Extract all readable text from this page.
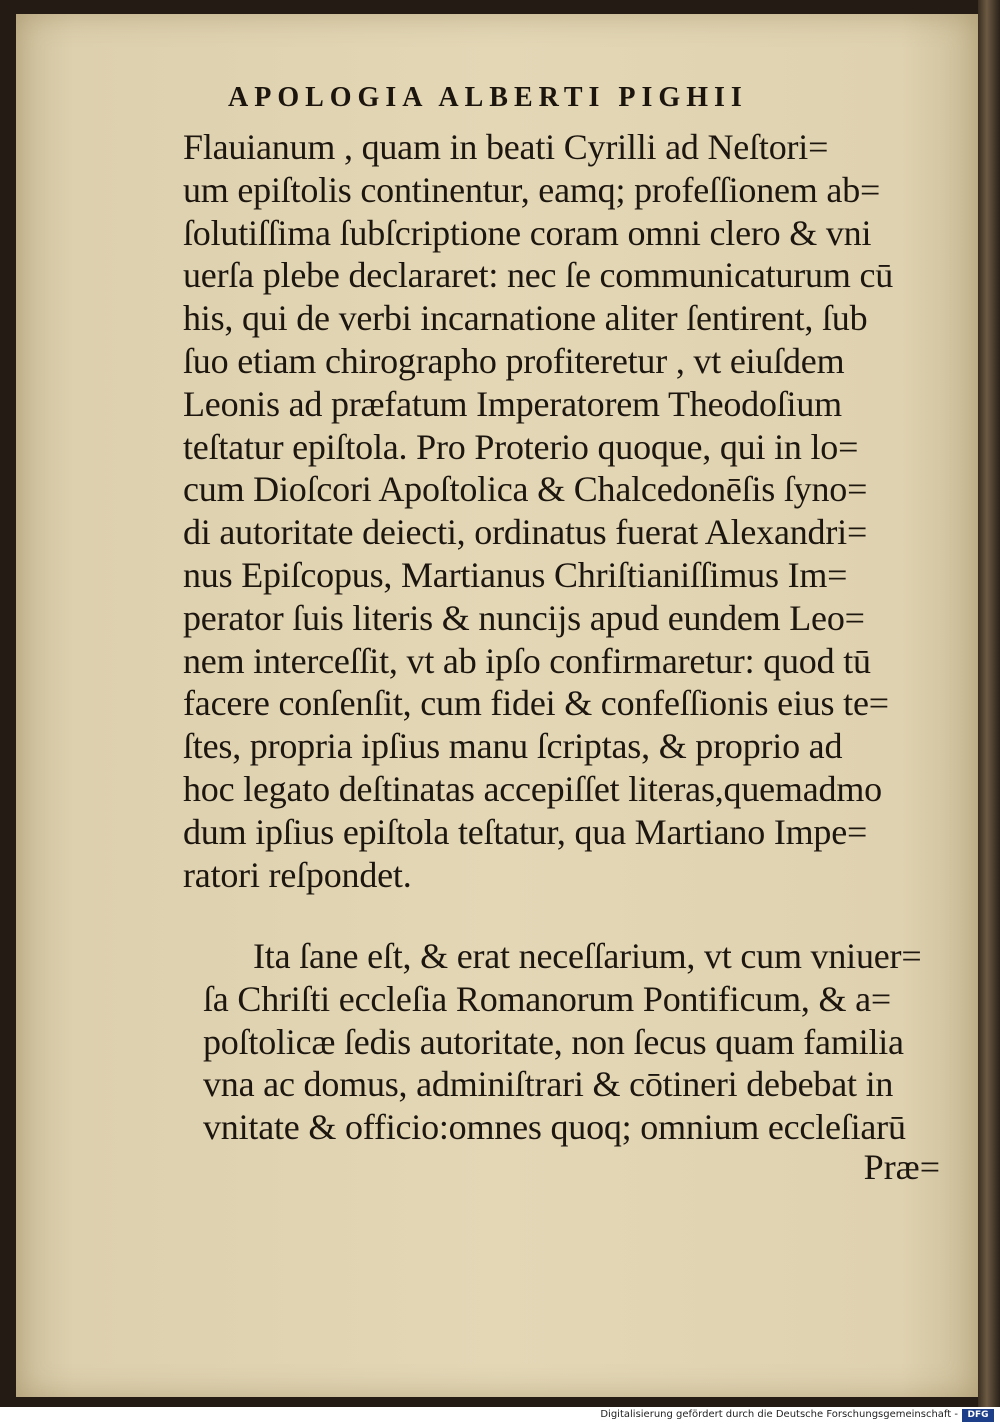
APOLOGIA ALBERTI PIGHII
Flauianum , quam in beati Cyrilli ad Neſtori=
um epiſtolis continentur, eamq; profeſſionem ab=
ſolutiſſima ſubſcriptione coram omni clero & vni
uerſa plebe declararet: nec ſe communicaturum cū
his, qui de verbi incarnatione aliter ſentirent, ſub
ſuo etiam chirographo profiteretur , vt eiuſdem
Leonis ad præfatum Imperatorem Theodoſium
teſtatur epiſtola. Pro Proterio quoque, qui in lo=
cum Dioſcori Apoſtolica & Chalcedonēſis ſyno=
di autoritate deiecti, ordinatus fuerat Alexandri=
nus Epiſcopus, Martianus Chriſtianiſſimus Im=
perator ſuis literis & nuncijs apud eundem Leo=
nem interceſſit, vt ab ipſo confirmaretur: quod tū
facere conſenſit, cum fidei & confeſſionis eius te=
ſtes, propria ipſius manu ſcriptas, & proprio ad
hoc legato deſtinatas accepiſſet literas,quemadmo
dum ipſius epiſtola teſtatur, qua Martiano Impe=
ratori reſpondet.
Ita ſane eſt, & erat neceſſarium, vt cum vniuer=
ſa Chriſti eccleſia Romanorum Pontificum, & a=
poſtolicæ ſedis autoritate, non ſecus quam familia
vna ac domus, adminiſtrari & cōtineri debebat in
vnitate & officio:omnes quoq; omnium eccleſiarū
Præ=
Digitalisierung gefördert durch die Deutsche Forschungsgemeinschaft -	DFG
